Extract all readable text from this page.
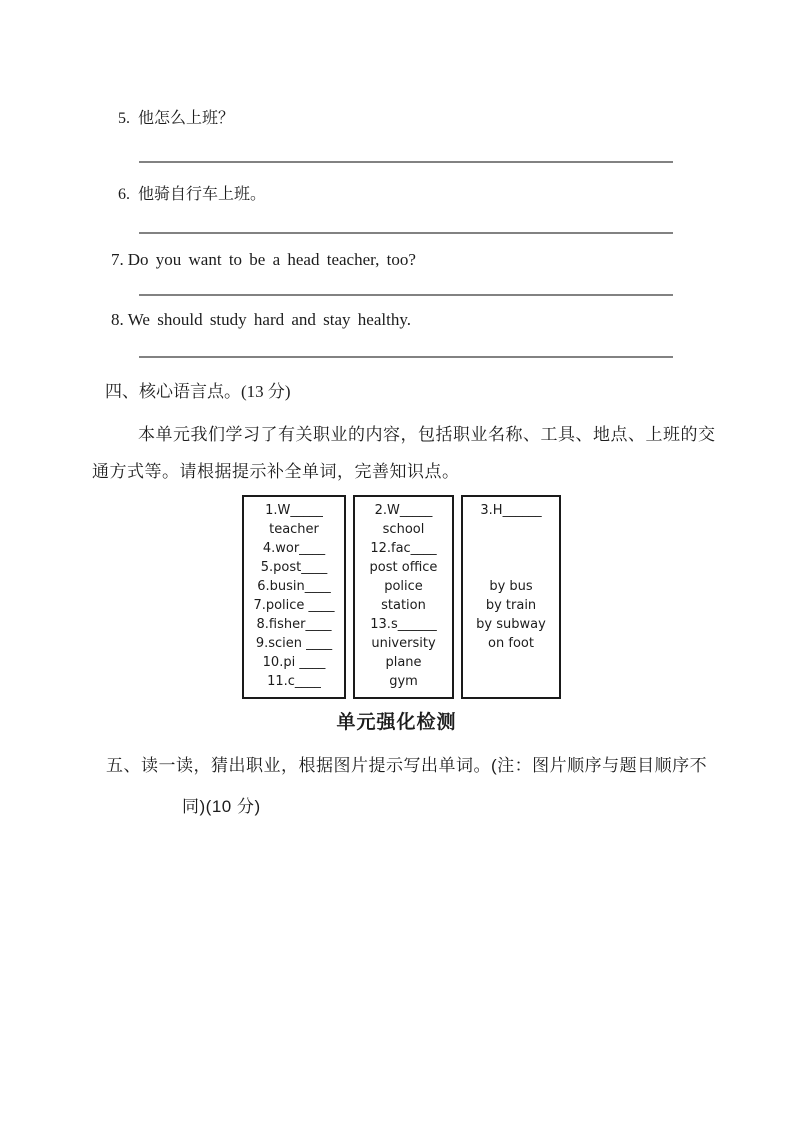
5. 他怎么上班？
6. 他骑自行车上班。
7. Do you want to be a head teacher, too?
8. We should study hard and stay healthy.
四、核心语言点。(13 分)
本单元我们学习了有关职业的内容，包括职业名称、工具、地点、上班的交
通方式等。请根据提示补全单词，完善知识点。
1.W_____
teacher
4.wor____
5.post____
6.busin____
7.police ____
8.fisher____
9.scien ____
10.pi ____
11.c____
2.W_____
school
12.fac____
post office
police
station
13.s______
university
plane
gym
3.H______
by bus
by train
by subway
on foot
单元强化检测
五、读一读，猜出职业，根据图片提示写出单词。(注：图片顺序与题目顺序不
同)(10 分)
